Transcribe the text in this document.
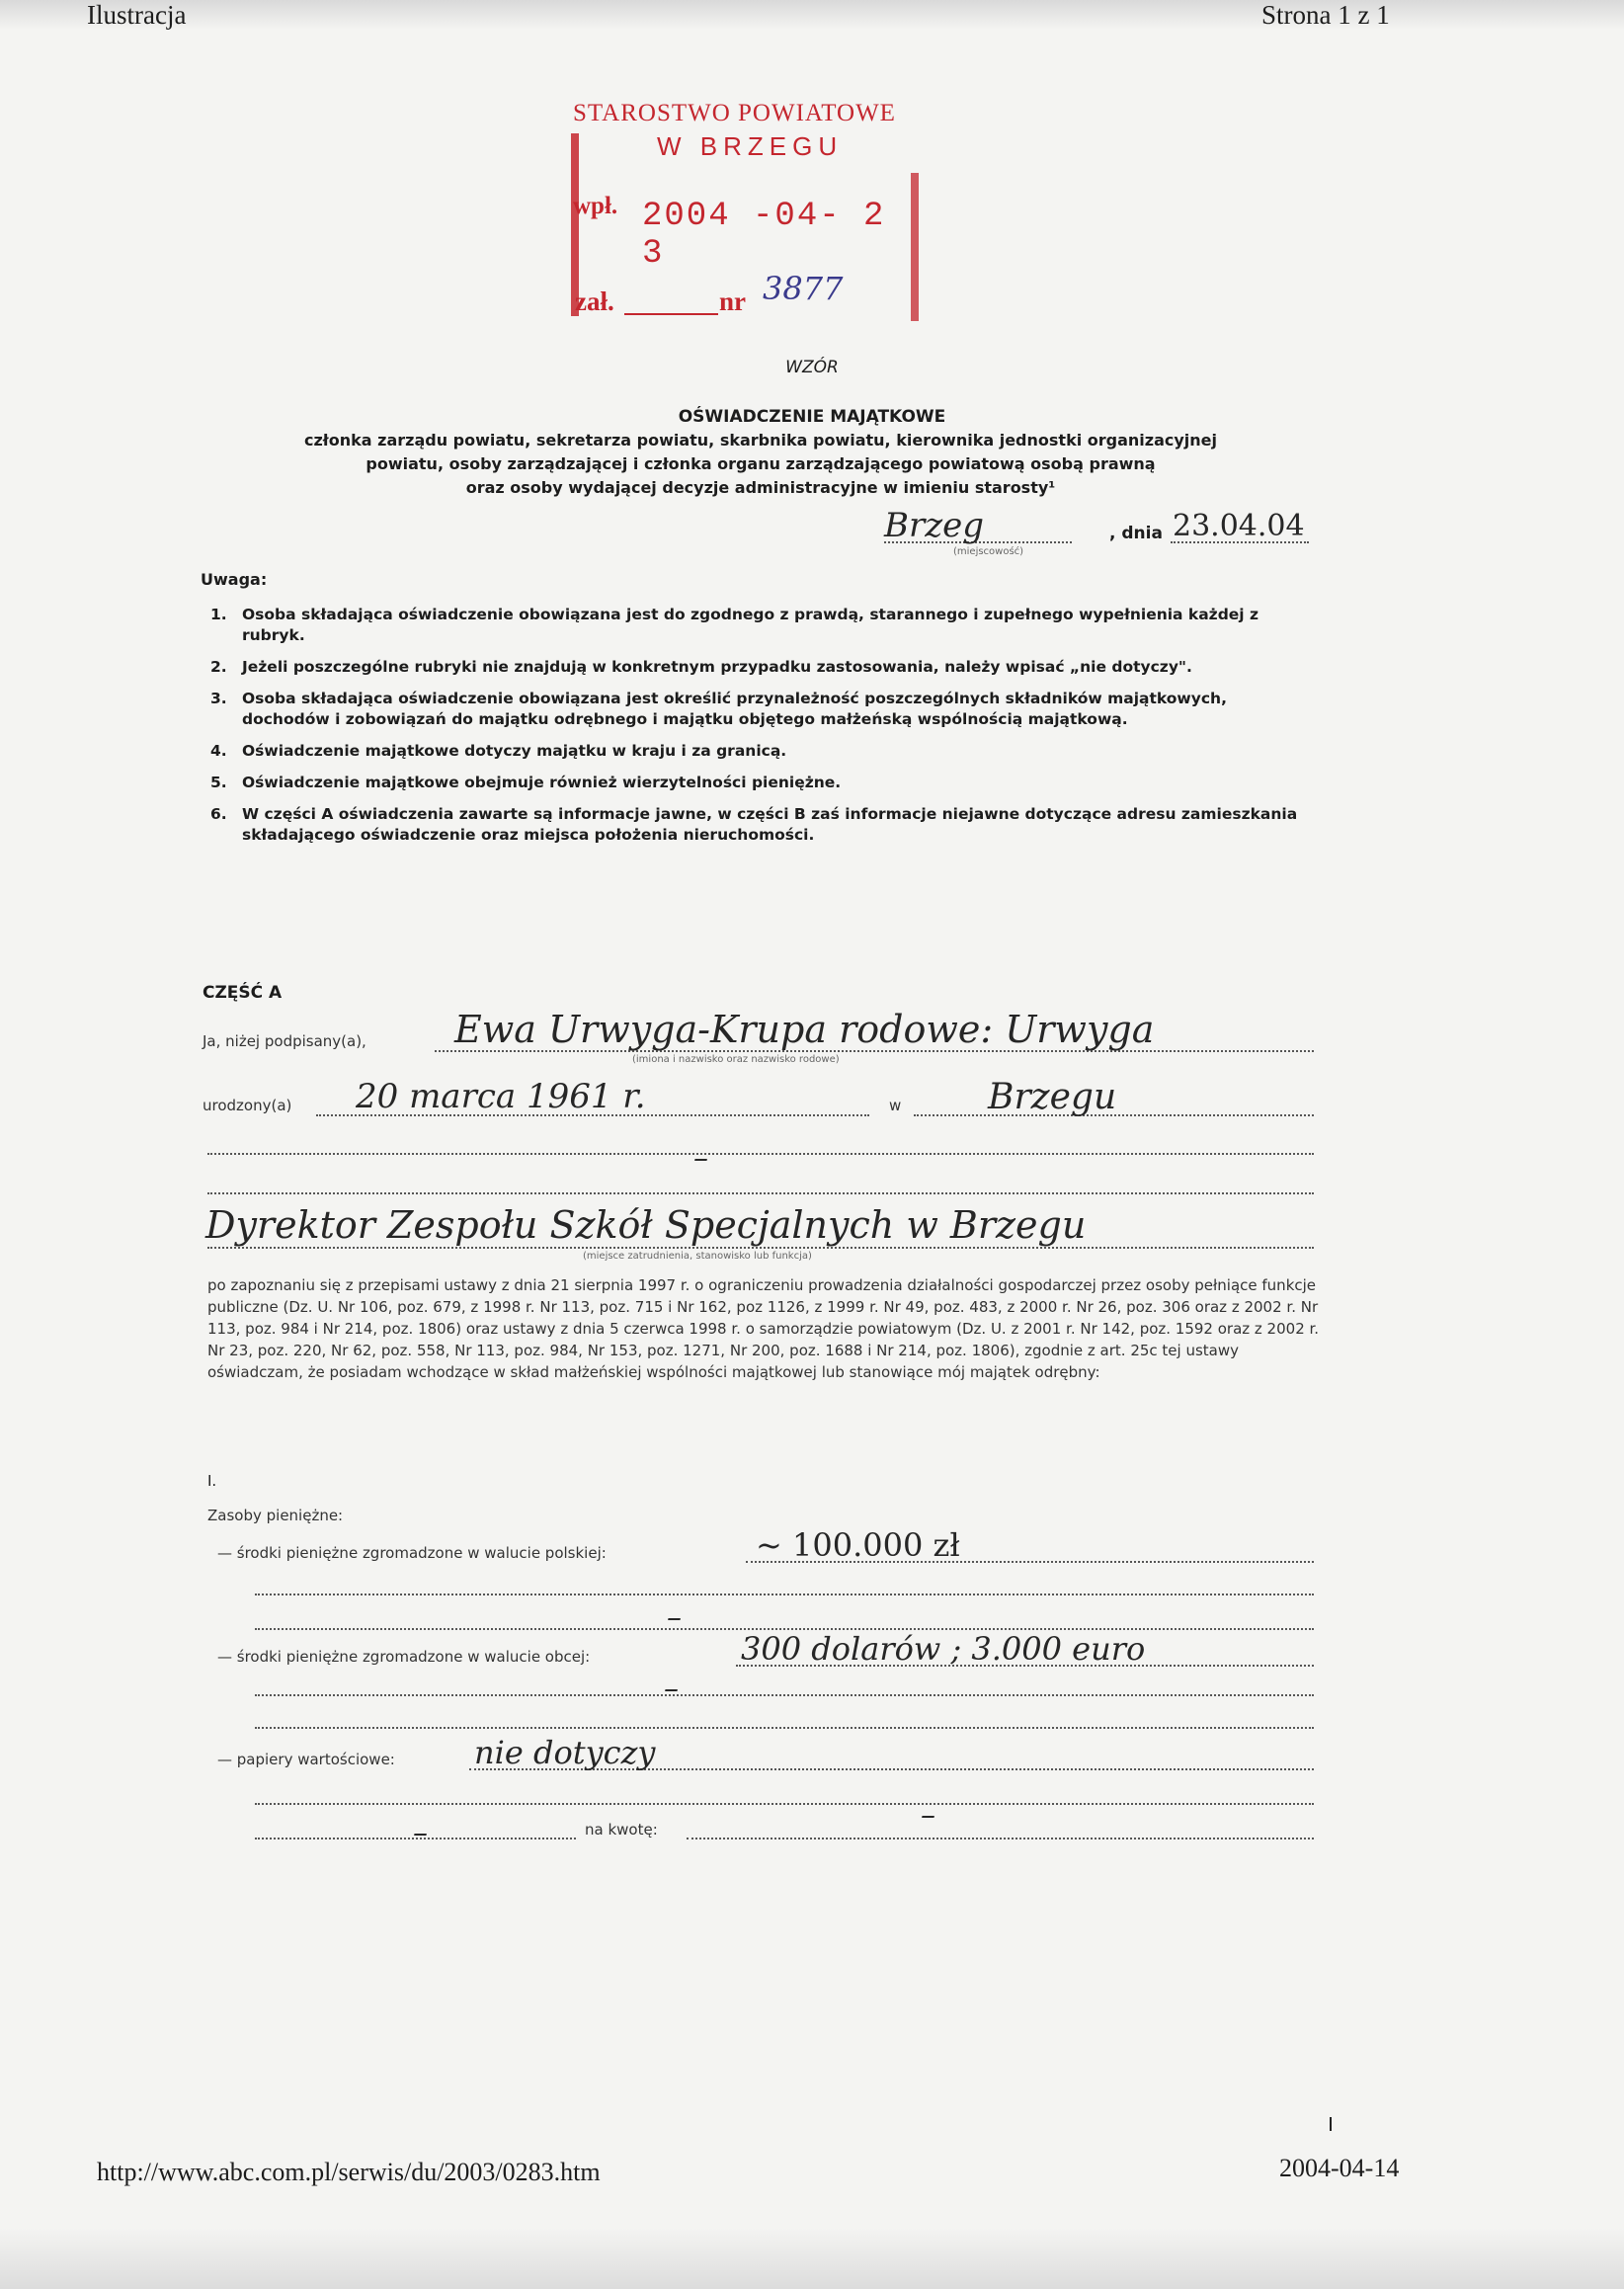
Ilustracja	Strona 1 z 1
STAROSTWO POWIATOWE
W BRZEGU
wpł. 2004 -04- 2 3
zał.	nr 3877
WZÓR
OŚWIADCZENIE MAJĄTKOWE
członka zarządu powiatu, sekretarza powiatu, skarbnika powiatu, kierownika jednostki organizacyjnej
powiatu, osoby zarządzającej i członka organu zarządzającego powiatową osobą prawną
oraz osoby wydającej decyzje administracyjne w imieniu starosty¹
Brzeg
(miejscowość)
, dnia 23.04.04
Uwaga:
1. Osoba składająca oświadczenie obowiązana jest do zgodnego z prawdą, starannego i zupełnego wypełnienia każdej z rubryk.
2. Jeżeli poszczególne rubryki nie znajdują w konkretnym przypadku zastosowania, należy wpisać „nie dotyczy".
3. Osoba składająca oświadczenie obowiązana jest określić przynależność poszczególnych składników majątkowych, dochodów i zobowiązań do majątku odrębnego i majątku objętego małżeńską wspólnością majątkową.
4. Oświadczenie majątkowe dotyczy majątku w kraju i za granicą.
5. Oświadczenie majątkowe obejmuje również wierzytelności pieniężne.
6. W części A oświadczenia zawarte są informacje jawne, w części B zaś informacje niejawne dotyczące adresu zamieszkania składającego oświadczenie oraz miejsca położenia nieruchomości.
CZĘŚĆ A
Ja, niżej podpisany(a), Ewa Urwyga-Krupa rodowe: Urwyga
(imiona i nazwisko oraz nazwisko rodowe)
urodzony(a) 20 marca 1961 r.	w Brzegu
–
Dyrektor Zespołu Szkół Specjalnych w Brzegu
(miejsce zatrudnienia, stanowisko lub funkcja)
po zapoznaniu się z przepisami ustawy z dnia 21 sierpnia 1997 r. o ograniczeniu prowadzenia działalności gospodarczej przez osoby pełniące funkcje publiczne (Dz. U. Nr 106, poz. 679, z 1998 r. Nr 113, poz. 715 i Nr 162, poz 1126, z 1999 r. Nr 49, poz. 483, z 2000 r. Nr 26, poz. 306 oraz z 2002 r. Nr 113, poz. 984 i Nr 214, poz. 1806) oraz ustawy z dnia 5 czerwca 1998 r. o samorządzie powiatowym (Dz. U. z 2001 r. Nr 142, poz. 1592 oraz z 2002 r. Nr 23, poz. 220, Nr 62, poz. 558, Nr 113, poz. 984, Nr 153, poz. 1271, Nr 200, poz. 1688 i Nr 214, poz. 1806), zgodnie z art. 25c tej ustawy oświadczam, że posiadam wchodzące w skład małżeńskiej wspólności majątkowej lub stanowiące mój majątek odrębny:
I.
Zasoby pieniężne:
— środki pieniężne zgromadzone w walucie polskiej:	~ 100.000 zł
–
— środki pieniężne zgromadzone w walucie obcej:	300 dolarów ; 3.000 euro
–
— papiery wartościowe:	nie dotyczy
–	na kwotę:	–
http://www.abc.com.pl/serwis/du/2003/0283.htm	2004-04-14
